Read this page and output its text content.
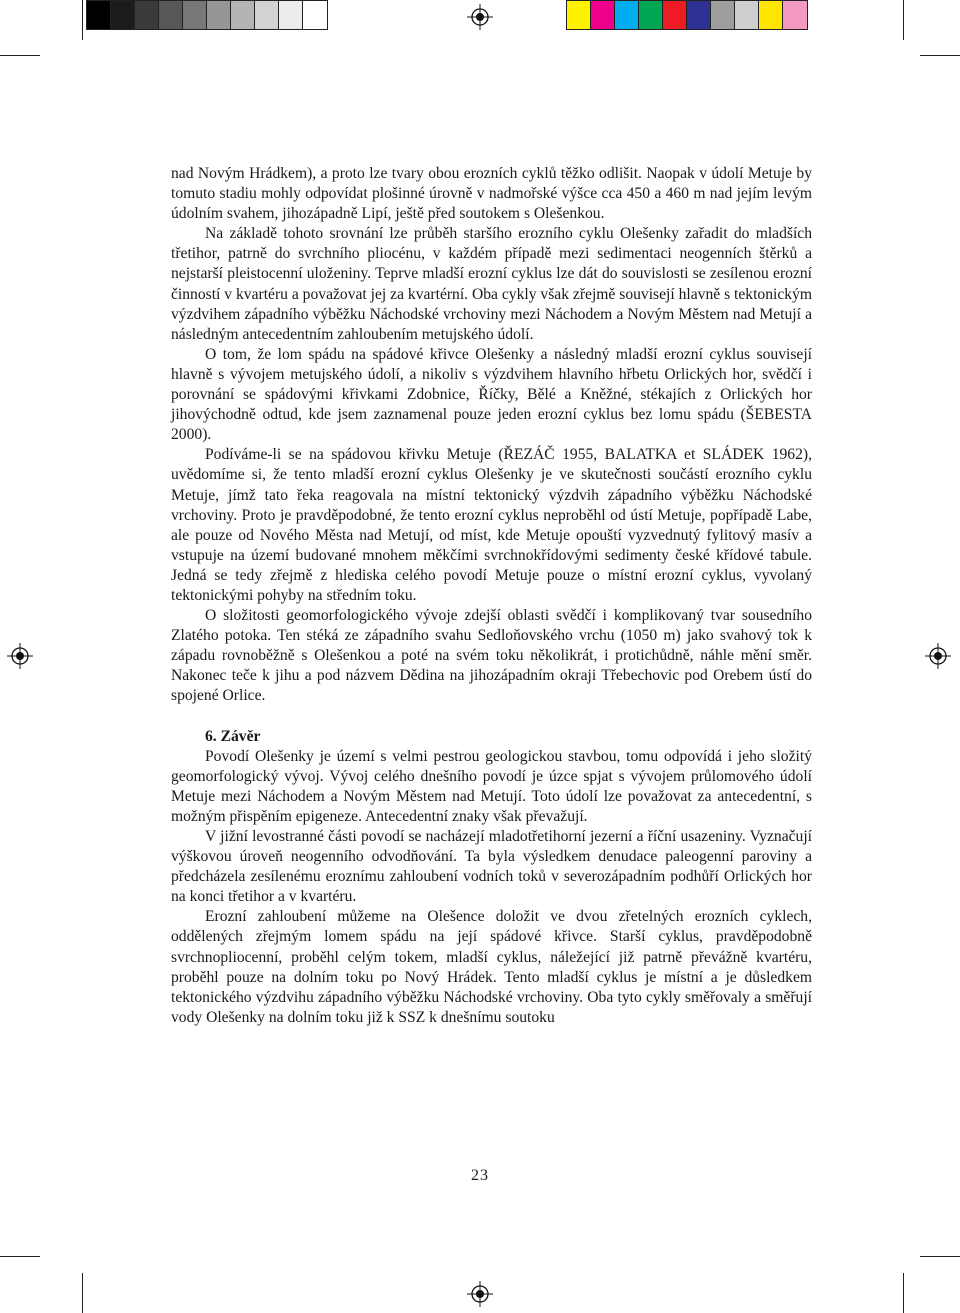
nad Novým Hrádkem), a proto lze tvary obou erozních cyklů těžko odlišit. Naopak v údolí Metuje by tomuto stadiu mohly odpovídat plošinné úrovně v nadmořské výšce cca 450 a 460 m nad jejím levým údolním svahem, jihozápadně Lipí, ještě před soutokem s Olešenkou.

Na základě tohoto srovnání lze průběh staršího erozního cyklu Olešenky zařadit do mladších třetihor, patrně do svrchního pliocénu, v každém případě mezi sedimentaci neogenních štěrků a nejstarší pleistocenní uloženiny. Teprve mladší erozní cyklus lze dát do souvislosti se zesílenou erozní činností v kvartéru a považovat jej za kvartérní. Oba cykly však zřejmě souvisejí hlavně s tektonickým výzdvihem západního výběžku Náchodské vrchoviny mezi Náchodem a Novým Městem nad Metují a následným antecedentním zahloubením metujského údolí.

O tom, že lom spádu na spádové křivce Olešenky a následný mladší erozní cyklus souvisejí hlavně s vývojem metujského údolí, a nikoliv s výzdvihem hlavního hřbetu Orlických hor, svědčí i porovnání se spádovými křivkami Zdobnice, Říčky, Bělé a Kněžné, stékajích z Orlických hor jihovýchodně odtud, kde jsem zaznamenal pouze jeden erozní cyklus bez lomu spádu (ŠEBESTA 2000).

Podíváme-li se na spádovou křivku Metuje (ŘEZÁČ 1955, BALATKA et SLÁDEK 1962), uvědomíme si, že tento mladší erozní cyklus Olešenky je ve skutečnosti součástí erozního cyklu Metuje, jímž tato řeka reagovala na místní tektonický výzdvih západního výběžku Náchodské vrchoviny. Proto je pravděpodobné, že tento erozní cyklus neproběhl od ústí Metuje, popřípadě Labe, ale pouze od Nového Města nad Metují, od míst, kde Metuje opouští vyzvednutý fylitový masív a vstupuje na území budované mnohem měkčími svrchnokřídovými sedimenty české křídové tabule. Jedná se tedy zřejmě z hlediska celého povodí Metuje pouze o místní erozní cyklus, vyvolaný tektonickými pohyby na středním toku.

O složitosti geomorfologického vývoje zdejší oblasti svědčí i komplikovaný tvar sousedního Zlatého potoka. Ten stéká ze západního svahu Sedloňovského vrchu (1050 m) jako svahový tok k západu rovnoběžně s Olešenkou a poté na svém toku několikrát, i protichůdně, náhle mění směr. Nakonec teče k jihu a pod názvem Dědina na jihozápadním okraji Třebechovic pod Orebem ústí do spojené Orlice.

6. Závěr

Povodí Olešenky je území s velmi pestrou geologickou stavbou, tomu odpovídá i jeho složitý geomorfologický vývoj. Vývoj celého dnešního povodí je úzce spjat s vývojem průlomového údolí Metuje mezi Náchodem a Novým Městem nad Metují. Toto údolí lze považovat za antecedentní, s možným přispěním epigeneze. Antecedentní znaky však převažují.

V jižní levostranné části povodí se nacházejí mladotřetihorní jezerní a říční usazeniny. Vyznačují výškovou úroveň neogenního odvodňování. Ta byla výsledkem denudace paleogenní paroviny a předcházela zesílenému eroznímu zahloubení vodních toků v severozápadním podhůří Orlických hor na konci třetihor a v kvartéru.

Erozní zahloubení můžeme na Olešence doložit ve dvou zřetelných erozních cyklech, oddělených zřejmým lomem spádu na její spádové křivce. Starší cyklus, pravděpodobně svrchnopliocenní, proběhl celým tokem, mladší cyklus, náležející již patrně převážně kvartéru, proběhl pouze na dolním toku po Nový Hrádek. Tento mladší cyklus je místní a je důsledkem tektonického výzdvihu západního výběžku Náchodské vrchoviny. Oba tyto cykly směřovaly a směřují vody Olešenky na dolním toku již k SSZ k dnešnímu soutoku

23
